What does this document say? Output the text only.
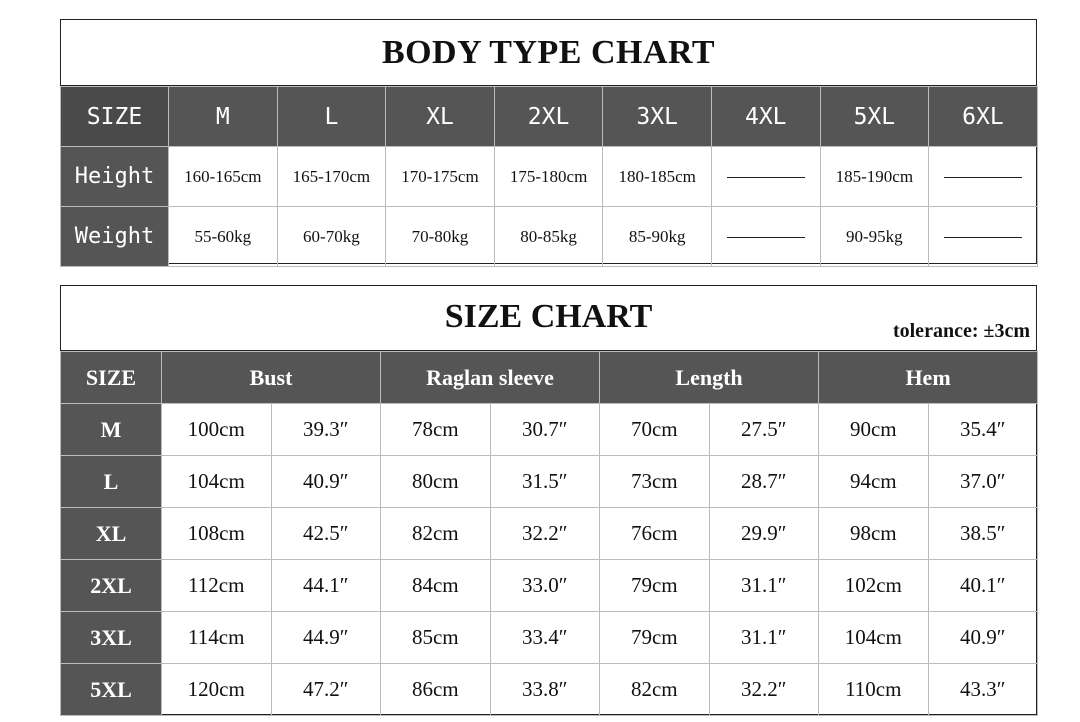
BODY TYPE CHART
SIZE	M	L	XL	2XL	3XL	4XL	5XL	6XL
Height	160-165cm	165-170cm	170-175cm	175-180cm	180-185cm		185-190cm	
Weight	55-60kg	60-70kg	70-80kg	80-85kg	85-90kg		90-95kg	
SIZE CHART	tolerance: ±3cm
SIZE	Bust		Raglan sleeve		Length		Hem	
M	100cm	39.3″	78cm	30.7″	70cm	27.5″	90cm	35.4″
L	104cm	40.9″	80cm	31.5″	73cm	28.7″	94cm	37.0″
XL	108cm	42.5″	82cm	32.2″	76cm	29.9″	98cm	38.5″
2XL	112cm	44.1″	84cm	33.0″	79cm	31.1″	102cm	40.1″
3XL	114cm	44.9″	85cm	33.4″	79cm	31.1″	104cm	40.9″
5XL	120cm	47.2″	86cm	33.8″	82cm	32.2″	110cm	43.3″
